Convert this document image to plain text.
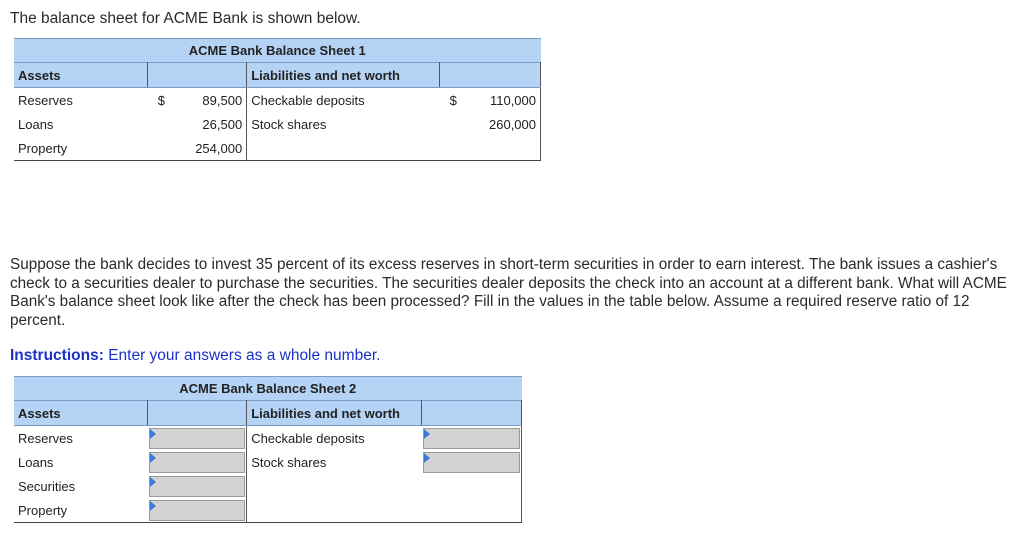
The balance sheet for ACME Bank is shown below.
ACME Bank Balance Sheet 1					
Assets			Liabilities and net worth		
Reserves	$	89,500	Checkable deposits	$	110,000
Loans		26,500	Stock shares		260,000
Property		254,000			
Suppose the bank decides to invest 35 percent of its excess reserves in short-term securities in order to earn interest. The bank issues a cashier's check to a securities dealer to purchase the securities. The securities dealer deposits the check into an account at a different bank. What will ACME Bank's balance sheet look like after the check has been processed? Fill in the values in the table below. Assume a required reserve ratio of 12 percent.
Instructions: Enter your answers as a whole number.
ACME Bank Balance Sheet 2			
Assets		Liabilities and net worth	
Reserves		Checkable deposits	

Loans		Stock shares	

Securities	

Property	
